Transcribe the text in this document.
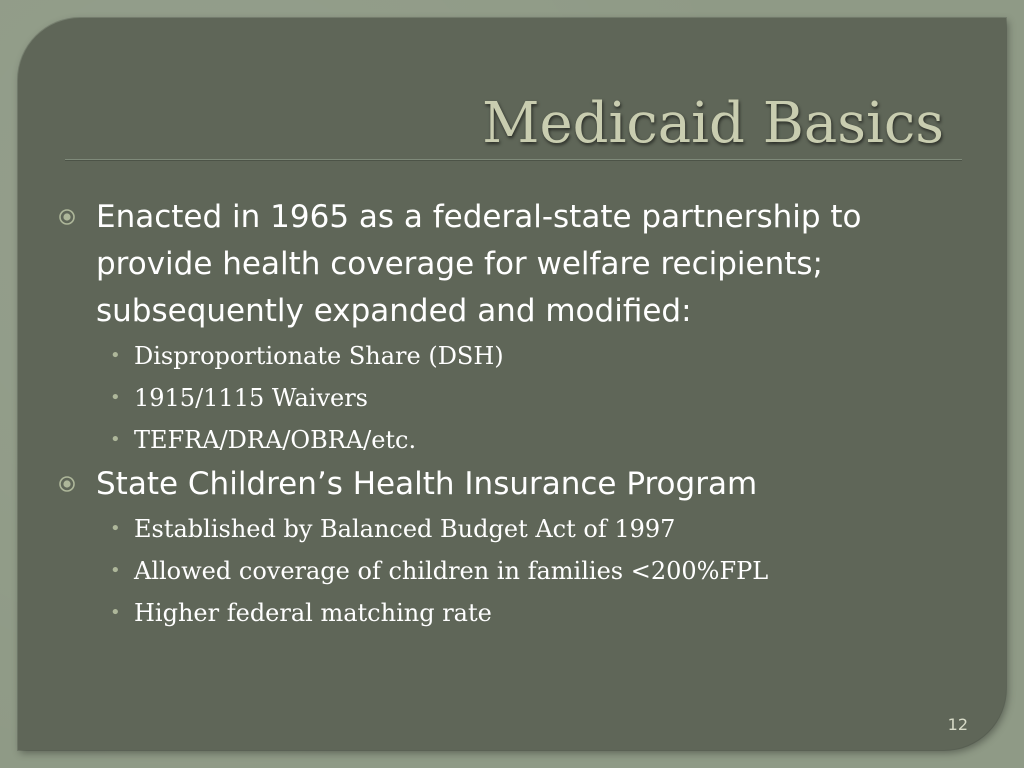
Medicaid Basics
Enacted in 1965 as a federal-state partnership to provide health coverage for welfare recipients; subsequently expanded and modified:
• Disproportionate Share (DSH)
• 1915/1115 Waivers
• TEFRA/DRA/OBRA/etc.
State Children’s Health Insurance Program
• Established by Balanced Budget Act of 1997
• Allowed coverage of children in families <200%FPL
• Higher federal matching rate
12
